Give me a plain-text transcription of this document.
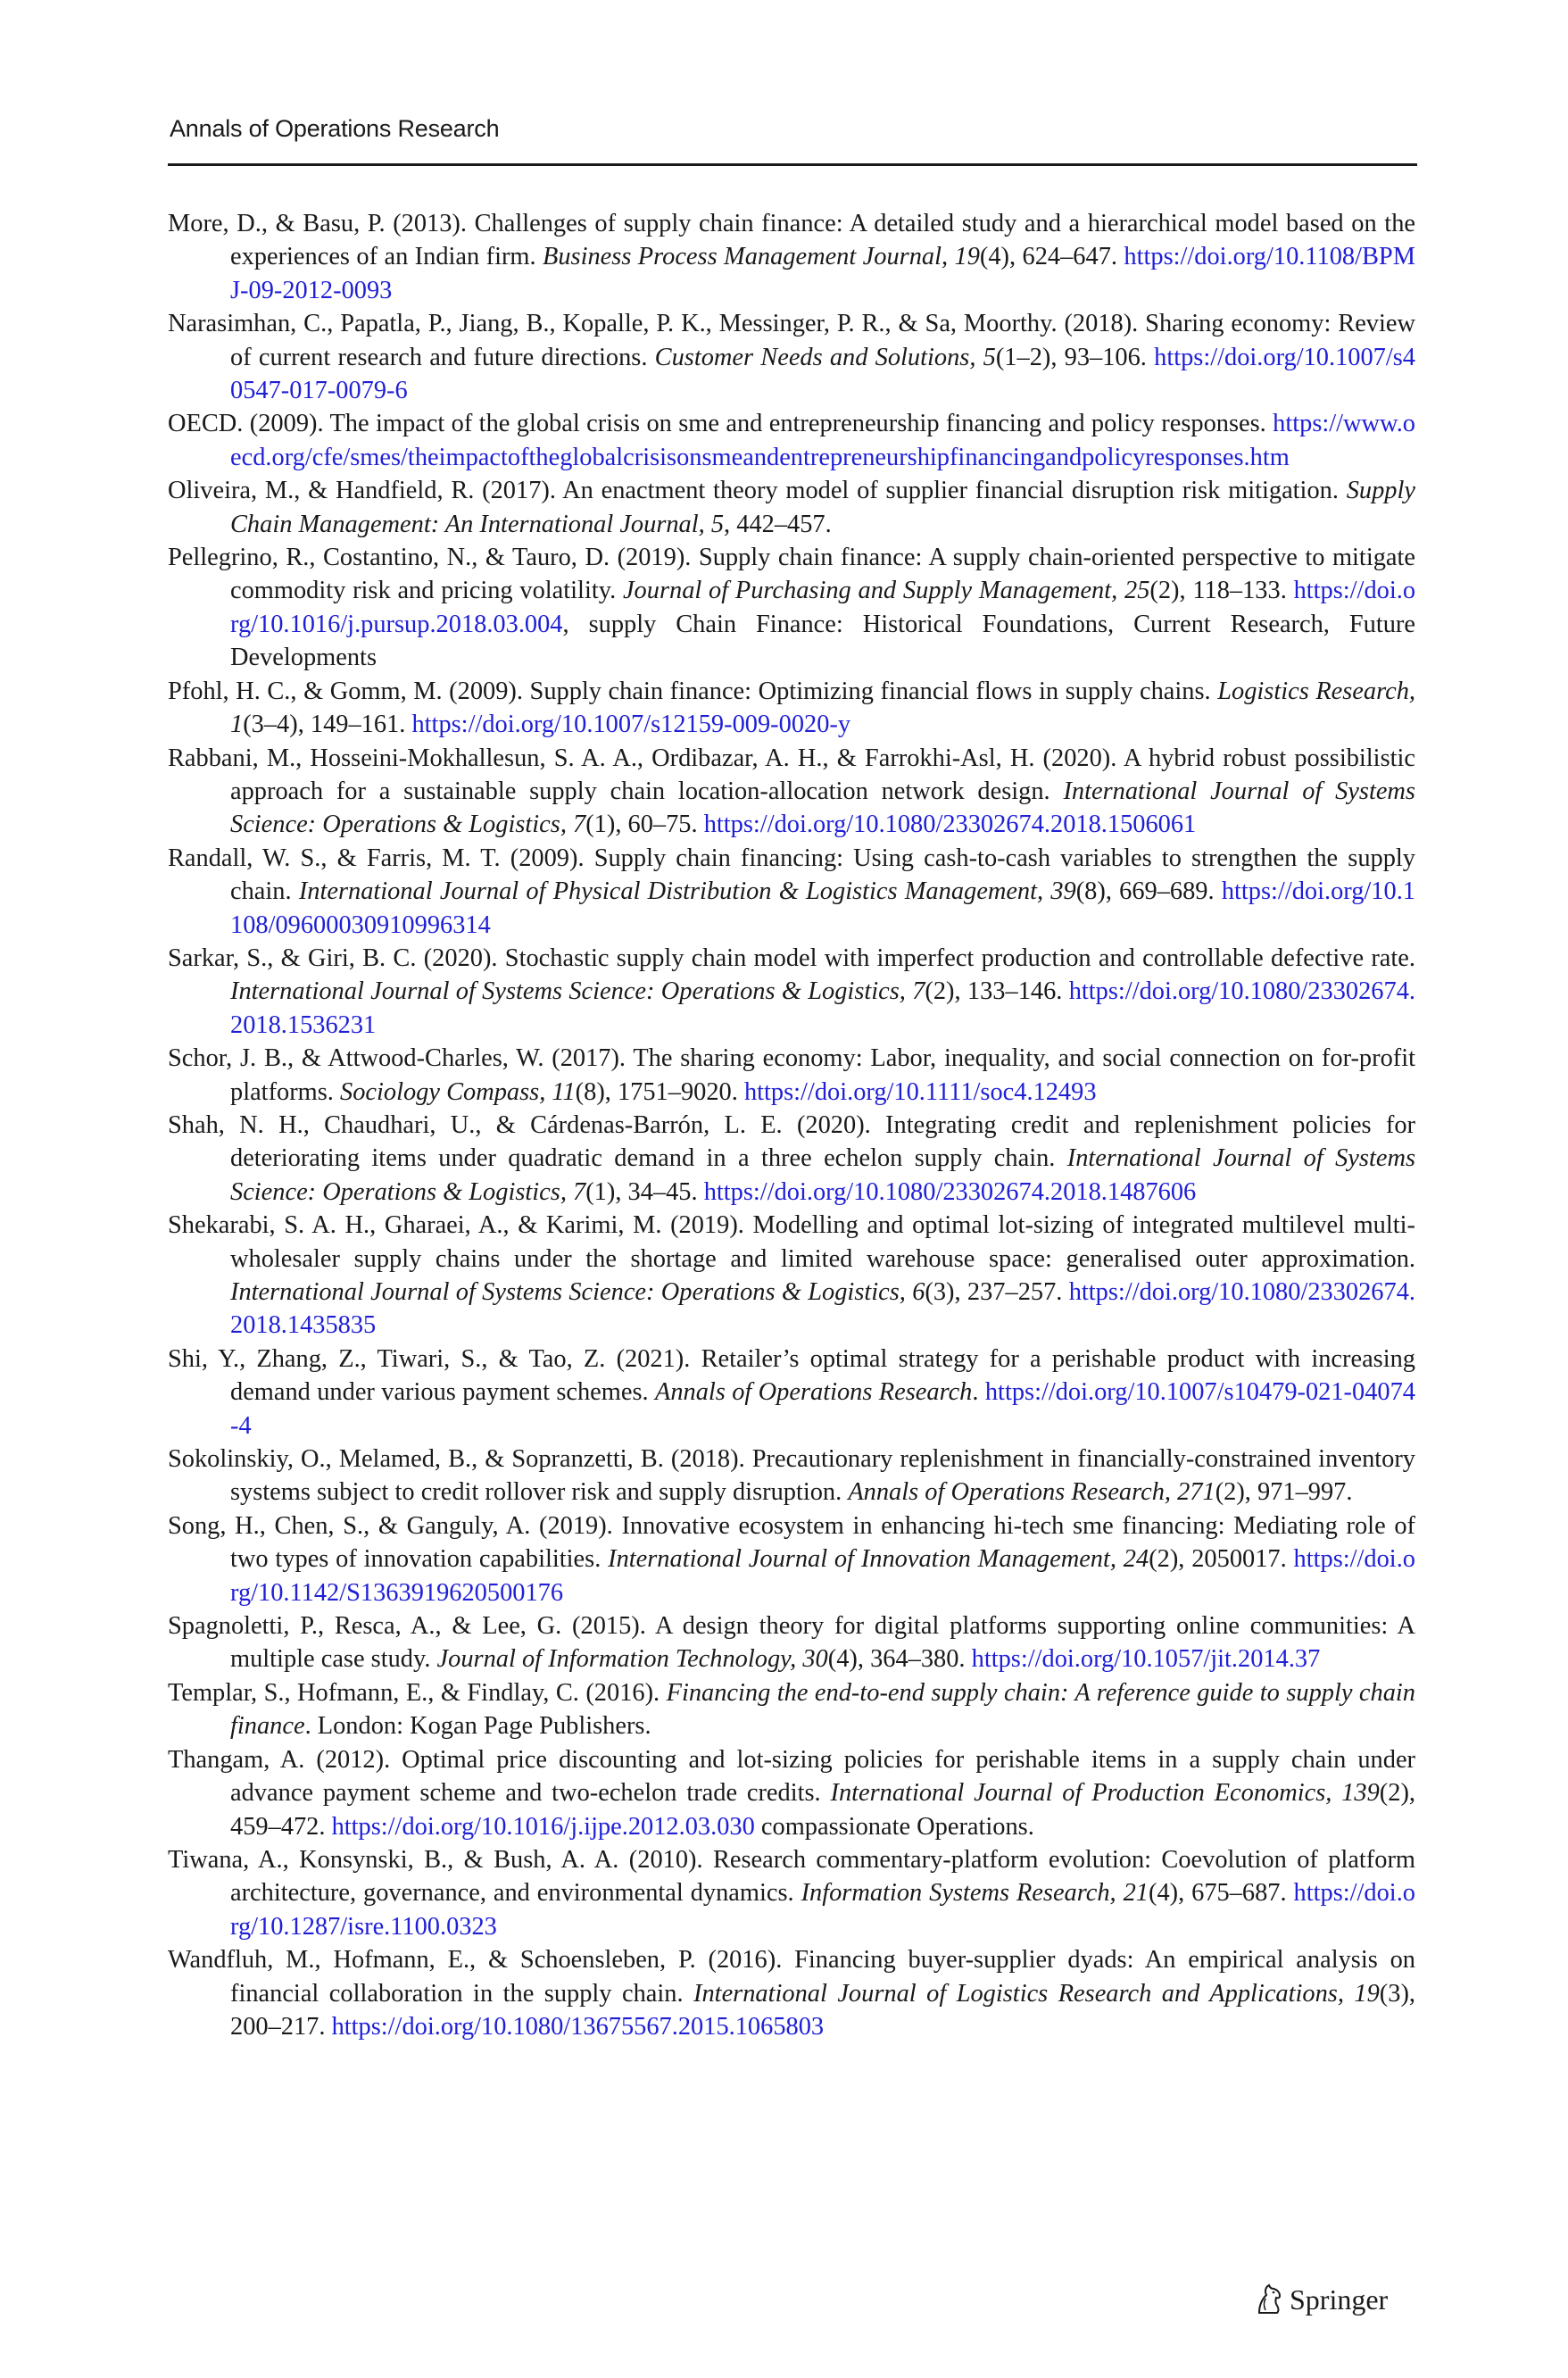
Annals of Operations Research

More, D., & Basu, P. (2013). Challenges of supply chain finance: A detailed study and a hierarchical model based on the experiences of an Indian firm. Business Process Management Journal, 19(4), 624–647. https://doi.org/10.1108/BPMJ-09-2012-0093

Narasimhan, C., Papatla, P., Jiang, B., Kopalle, P. K., Messinger, P. R., & Sa, Moorthy. (2018). Sharing economy: Review of current research and future directions. Customer Needs and Solutions, 5(1–2), 93–106. https://doi.org/10.1007/s40547-017-0079-6

OECD. (2009). The impact of the global crisis on sme and entrepreneurship financing and policy responses. https://www.oecd.org/cfe/smes/theimpactoftheglobalcrisisonsmeandentrepreneurshipfinancingandpolicyresponses.htm

Oliveira, M., & Handfield, R. (2017). An enactment theory model of supplier financial disruption risk mitigation. Supply Chain Management: An International Journal, 5, 442–457.

Pellegrino, R., Costantino, N., & Tauro, D. (2019). Supply chain finance: A supply chain-oriented perspective to mitigate commodity risk and pricing volatility. Journal of Purchasing and Supply Management, 25(2), 118–133. https://doi.org/10.1016/j.pursup.2018.03.004, supply Chain Finance: Historical Foundations, Current Research, Future Developments

Pfohl, H. C., & Gomm, M. (2009). Supply chain finance: Optimizing financial flows in supply chains. Logistics Research, 1(3–4), 149–161. https://doi.org/10.1007/s12159-009-0020-y

Rabbani, M., Hosseini-Mokhallesun, S. A. A., Ordibazar, A. H., & Farrokhi-Asl, H. (2020). A hybrid robust possibilistic approach for a sustainable supply chain location-allocation network design. International Journal of Systems Science: Operations & Logistics, 7(1), 60–75. https://doi.org/10.1080/23302674.2018.1506061

Randall, W. S., & Farris, M. T. (2009). Supply chain financing: Using cash-to-cash variables to strengthen the supply chain. International Journal of Physical Distribution & Logistics Management, 39(8), 669–689. https://doi.org/10.1108/09600030910996314

Sarkar, S., & Giri, B. C. (2020). Stochastic supply chain model with imperfect production and controllable defective rate. International Journal of Systems Science: Operations & Logistics, 7(2), 133–146. https://doi.org/10.1080/23302674.2018.1536231

Schor, J. B., & Attwood-Charles, W. (2017). The sharing economy: Labor, inequality, and social connection on for-profit platforms. Sociology Compass, 11(8), 1751–9020. https://doi.org/10.1111/soc4.12493

Shah, N. H., Chaudhari, U., & Cárdenas-Barrón, L. E. (2020). Integrating credit and replenishment policies for deteriorating items under quadratic demand in a three echelon supply chain. International Journal of Systems Science: Operations & Logistics, 7(1), 34–45. https://doi.org/10.1080/23302674.2018.1487606

Shekarabi, S. A. H., Gharaei, A., & Karimi, M. (2019). Modelling and optimal lot-sizing of integrated multilevel multi-wholesaler supply chains under the shortage and limited warehouse space: generalised outer approximation. International Journal of Systems Science: Operations & Logistics, 6(3), 237–257. https://doi.org/10.1080/23302674.2018.1435835

Shi, Y., Zhang, Z., Tiwari, S., & Tao, Z. (2021). Retailer’s optimal strategy for a perishable product with increasing demand under various payment schemes. Annals of Operations Research. https://doi.org/10.1007/s10479-021-04074-4

Sokolinskiy, O., Melamed, B., & Sopranzetti, B. (2018). Precautionary replenishment in financially-constrained inventory systems subject to credit rollover risk and supply disruption. Annals of Operations Research, 271(2), 971–997.

Song, H., Chen, S., & Ganguly, A. (2019). Innovative ecosystem in enhancing hi-tech sme financing: Mediating role of two types of innovation capabilities. International Journal of Innovation Management, 24(2), 2050017. https://doi.org/10.1142/S1363919620500176

Spagnoletti, P., Resca, A., & Lee, G. (2015). A design theory for digital platforms supporting online communities: A multiple case study. Journal of Information Technology, 30(4), 364–380. https://doi.org/10.1057/jit.2014.37

Templar, S., Hofmann, E., & Findlay, C. (2016). Financing the end-to-end supply chain: A reference guide to supply chain finance. London: Kogan Page Publishers.

Thangam, A. (2012). Optimal price discounting and lot-sizing policies for perishable items in a supply chain under advance payment scheme and two-echelon trade credits. International Journal of Production Economics, 139(2), 459–472. https://doi.org/10.1016/j.ijpe.2012.03.030 compassionate Operations.

Tiwana, A., Konsynski, B., & Bush, A. A. (2010). Research commentary-platform evolution: Coevolution of platform architecture, governance, and environmental dynamics. Information Systems Research, 21(4), 675–687. https://doi.org/10.1287/isre.1100.0323

Wandfluh, M., Hofmann, E., & Schoensleben, P. (2016). Financing buyer-supplier dyads: An empirical analysis on financial collaboration in the supply chain. International Journal of Logistics Research and Applications, 19(3), 200–217. https://doi.org/10.1080/13675567.2015.1065803

Springer
